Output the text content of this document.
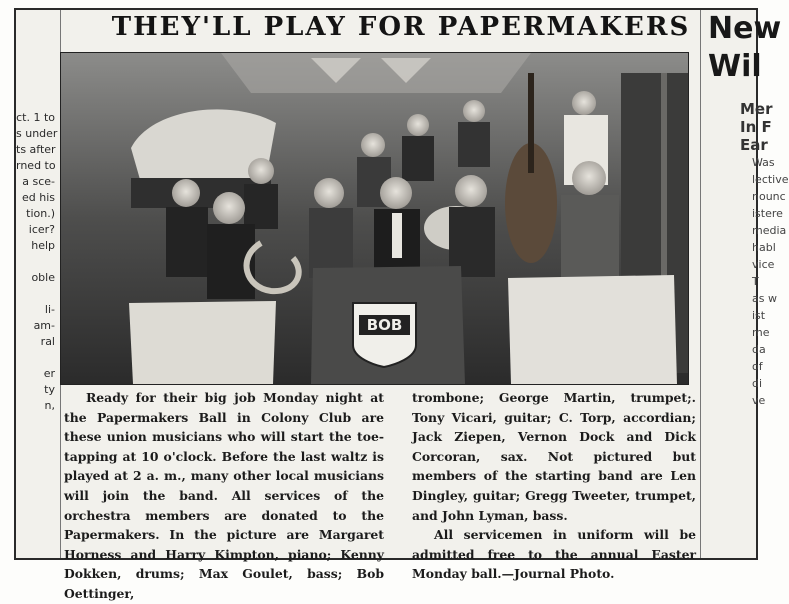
ct. 1 to
s under
ts after
rned to
a sce-
ed his
tion.)
icer?
help

oble

li-
am-
ral

er
ty
n,

THEY'LL PLAY FOR PAPERMAKERS
BOB

Ready for their big job Monday night at the Papermakers Ball in Colony Club are these union musicians who will start the toe-tapping at 10 o'clock. Before the last waltz is played at 2 a. m., many other local musicians will join the band. All services of the orchestra members are donated to the Papermakers. In the picture are Margaret Horness and Harry Kimpton, piano; Kenny Dokken, drums; Max Goulet, bass; Bob Oettinger,

trombone; George Martin, trumpet;. Tony Vicari, guitar; C. Torp, accordian; Jack Ziepen, Vernon Dock and Dick Corcoran, sax. Not pictured but members of the starting band are Len Dingley, guitar; Gregg Tweeter, trumpet, and John Lyman, bass.

All servicemen in uniform will be admitted free to the annual Easter Monday ball.—Journal Photo.

New
Wil
Mer
In F
Ear
Was
lective
nounc
istere
media
habl
vice
T
as w
ist
me
da
of
di
ve
